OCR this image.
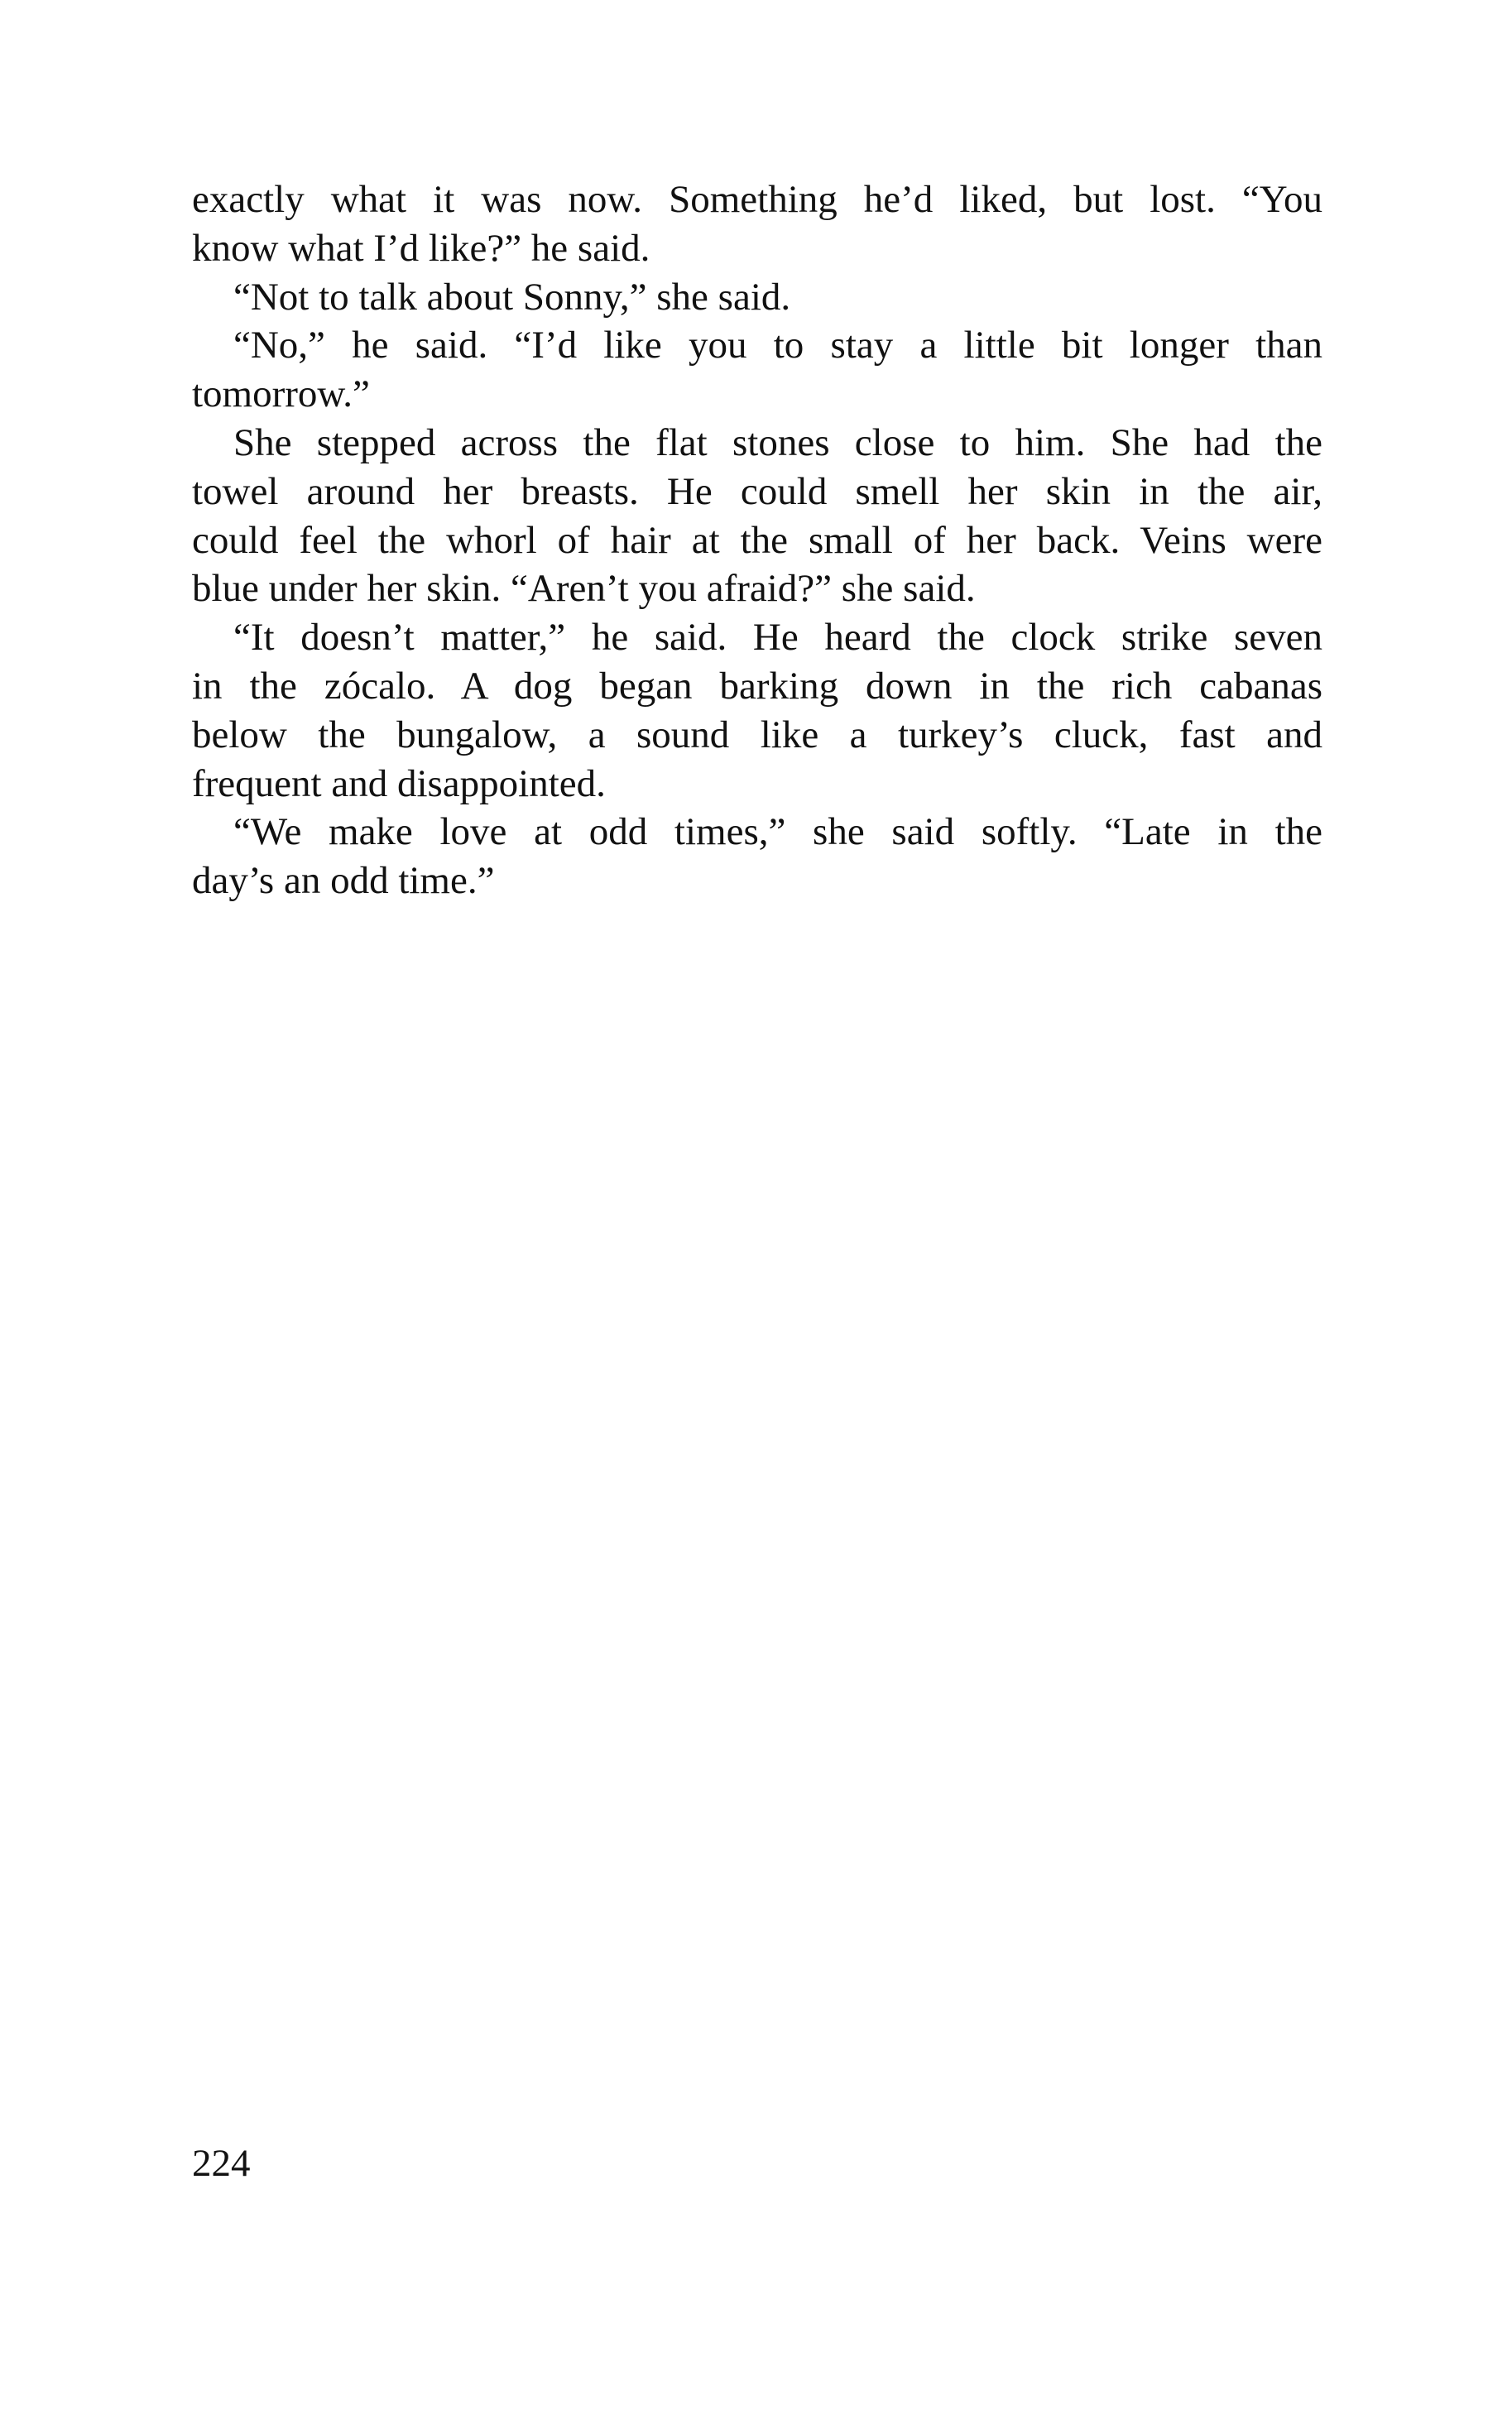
exactly what it was now. Something he’d liked, but lost. “You
know what I’d like?” he said.
“Not to talk about Sonny,” she said.
“No,” he said. “I’d like you to stay a little bit longer than
tomorrow.”
She stepped across the flat stones close to him. She had the
towel around her breasts. He could smell her skin in the air,
could feel the whorl of hair at the small of her back. Veins were
blue under her skin. “Aren’t you afraid?” she said.
“It doesn’t matter,” he said. He heard the clock strike seven
in the zócalo. A dog began barking down in the rich cabanas
below the bungalow, a sound like a turkey’s cluck, fast and
frequent and disappointed.
“We make love at odd times,” she said softly. “Late in the
day’s an odd time.”
224
